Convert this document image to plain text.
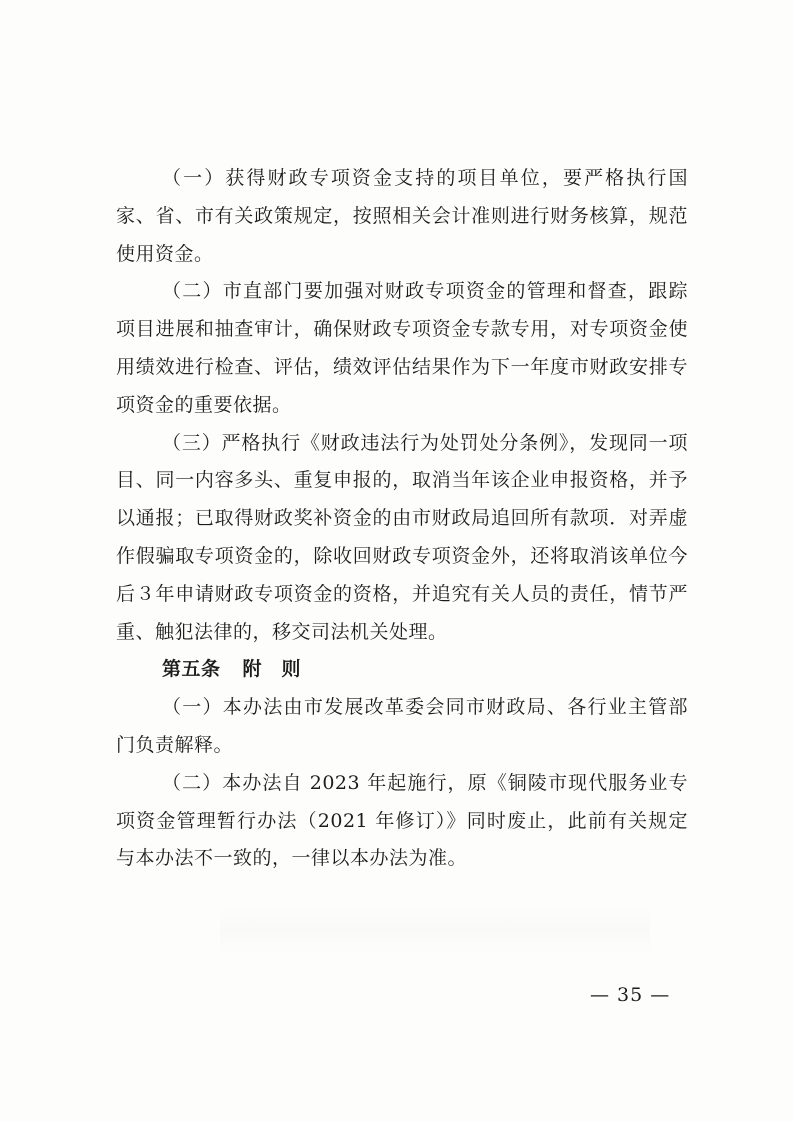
（一）获得财政专项资金支持的项目单位，要严格执行国家、省、市有关政策规定，按照相关会计准则进行财务核算，规范使用资金。

（二）市直部门要加强对财政专项资金的管理和督查，跟踪项目进展和抽查审计，确保财政专项资金专款专用，对专项资金使用绩效进行检查、评估，绩效评估结果作为下一年度市财政安排专项资金的重要依据。

（三）严格执行《财政违法行为处罚处分条例》，发现同一项目、同一内容多头、重复申报的，取消当年该企业申报资格，并予以通报；已取得财政奖补资金的由市财政局追回所有款项．对弄虚作假骗取专项资金的，除收回财政专项资金外，还将取消该单位今后３年申请财政专项资金的资格，并追究有关人员的责任，情节严重、触犯法律的，移交司法机关处理。

第五条 附　则

（一）本办法由市发展改革委会同市财政局、各行业主管部门负责解释。

（二）本办法自 2023 年起施行，原《铜陵市现代服务业专项资金管理暂行办法（2021 年修订）》同时废止，此前有关规定与本办法不一致的，一律以本办法为准。

— 35 —
